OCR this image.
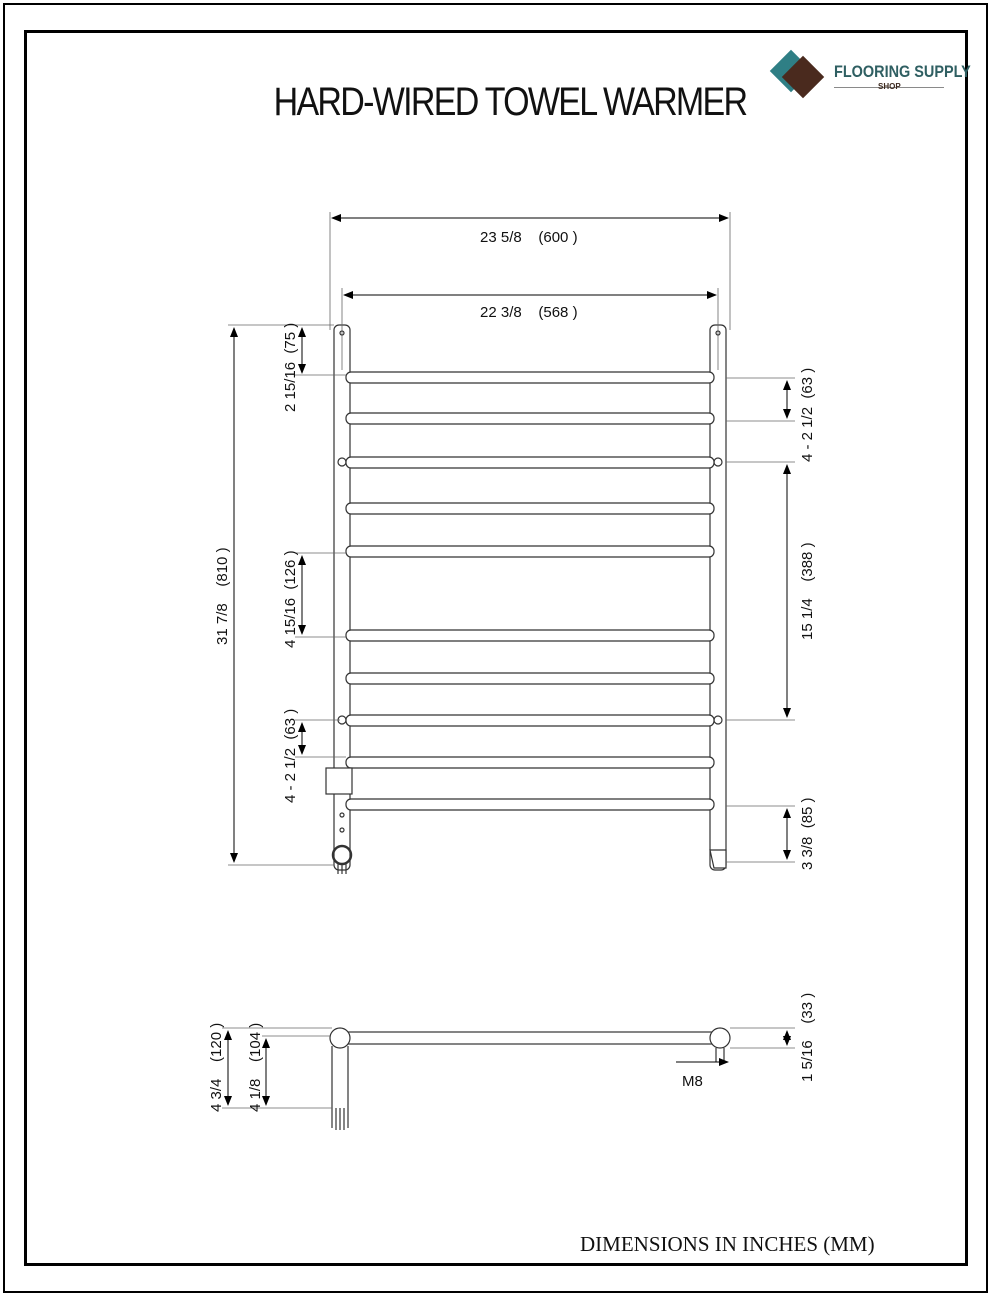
HARD-WIRED TOWEL WARMER
FLOORING SUPPLY
SHOP
23 5/8    (600 )
22 3/8    (568 )
31 7/8    (810 )
2 15/16  (75 )
4 15/16  (126 )
4 - 2 1/2  (63 )
4 - 2 1/2  (63 )
15 1/4    (388 )
3 3/8  (85 )
4 3/4    (120 ) 4 1/8    (104 )	1 5/16    (33 )
M8
DIMENSIONS IN INCHES (MM)
